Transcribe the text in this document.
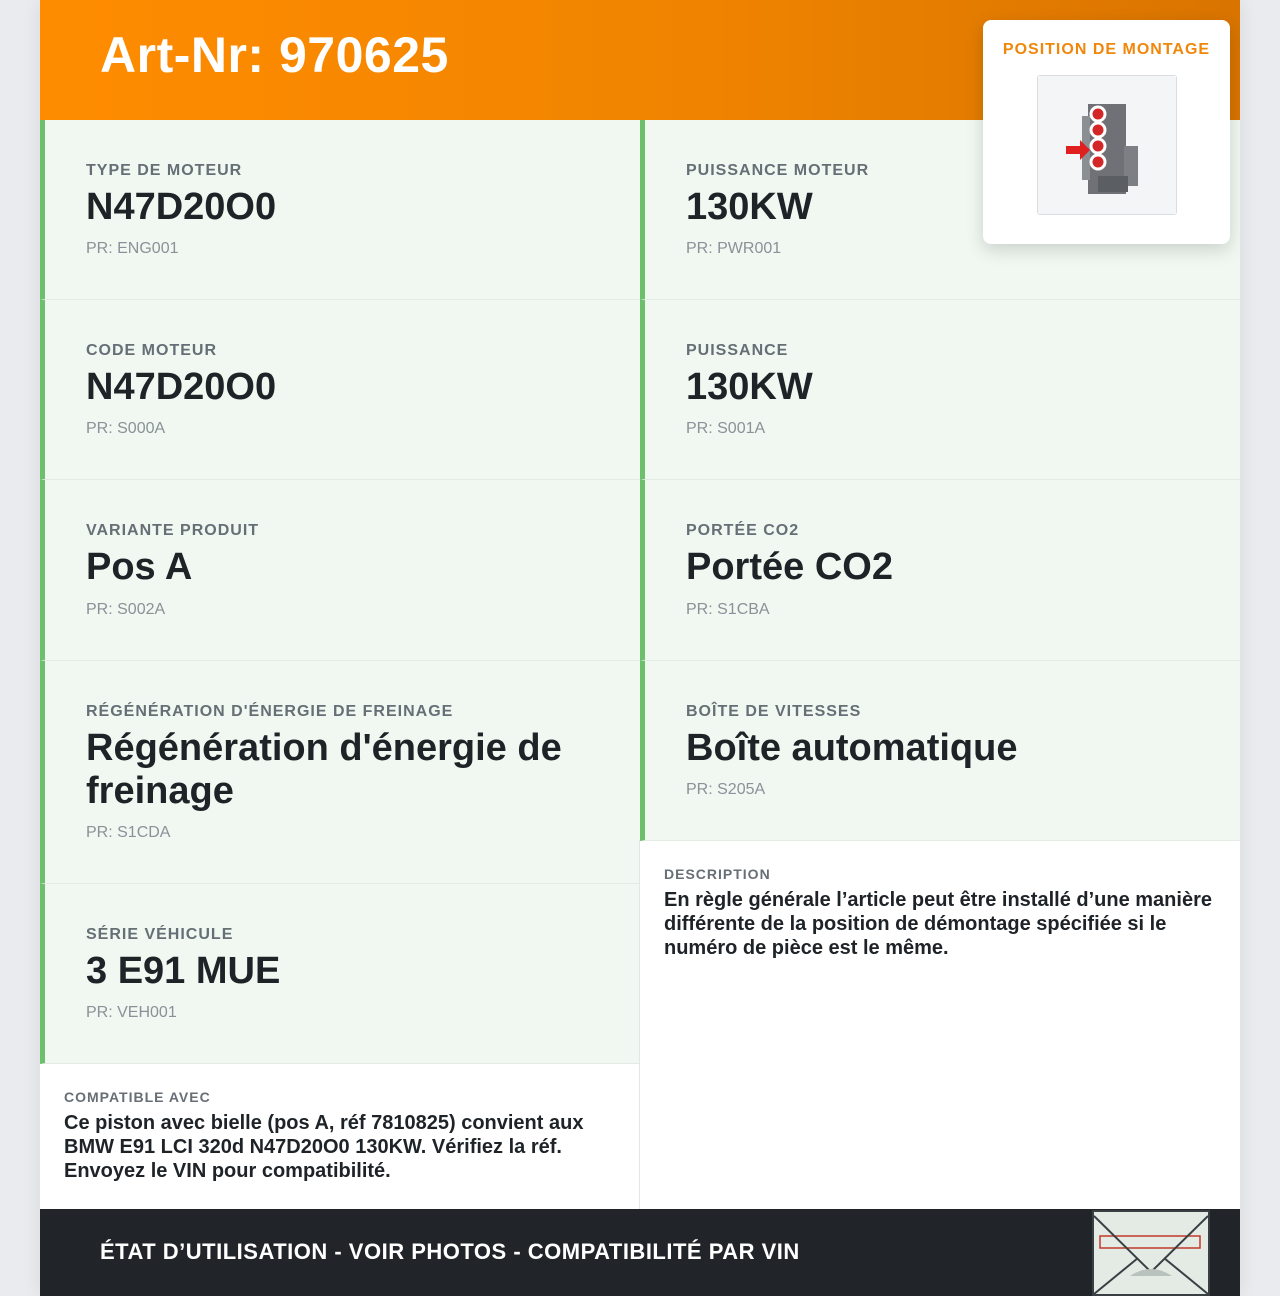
Art-Nr: 970625
TYPE DE MOTEUR
N47D20O0
PR: ENG001
PUISSANCE MOTEUR
130KW
PR: PWR001
CODE MOTEUR
N47D20O0
PR: S000A
PUISSANCE
130KW
PR: S001A
VARIANTE PRODUIT
Pos A
PR: S002A
PORTÉE CO2
Portée CO2
PR: S1CBA
RÉGÉNÉRATION D'ÉNERGIE DE FREINAGE
Régénération d'énergie de freinage
PR: S1CDA
BOÎTE DE VITESSES
Boîte automatique
PR: S205A
SÉRIE VÉHICULE
3 E91 MUE
PR: VEH001
DESCRIPTION
En règle générale l’article peut être installé d’une manière différente de la position de démontage spécifiée si le numéro de pièce est le même.
COMPATIBLE AVEC
Ce piston avec bielle (pos A, réf 7810825) convient aux BMW E91 LCI 320d N47D20O0 130KW. Vérifiez la réf. Envoyez le VIN pour compatibilité.
POSITION DE MONTAGE
ÉTAT D’UTILISATION - VOIR PHOTOS - COMPATIBILITÉ PAR VIN
